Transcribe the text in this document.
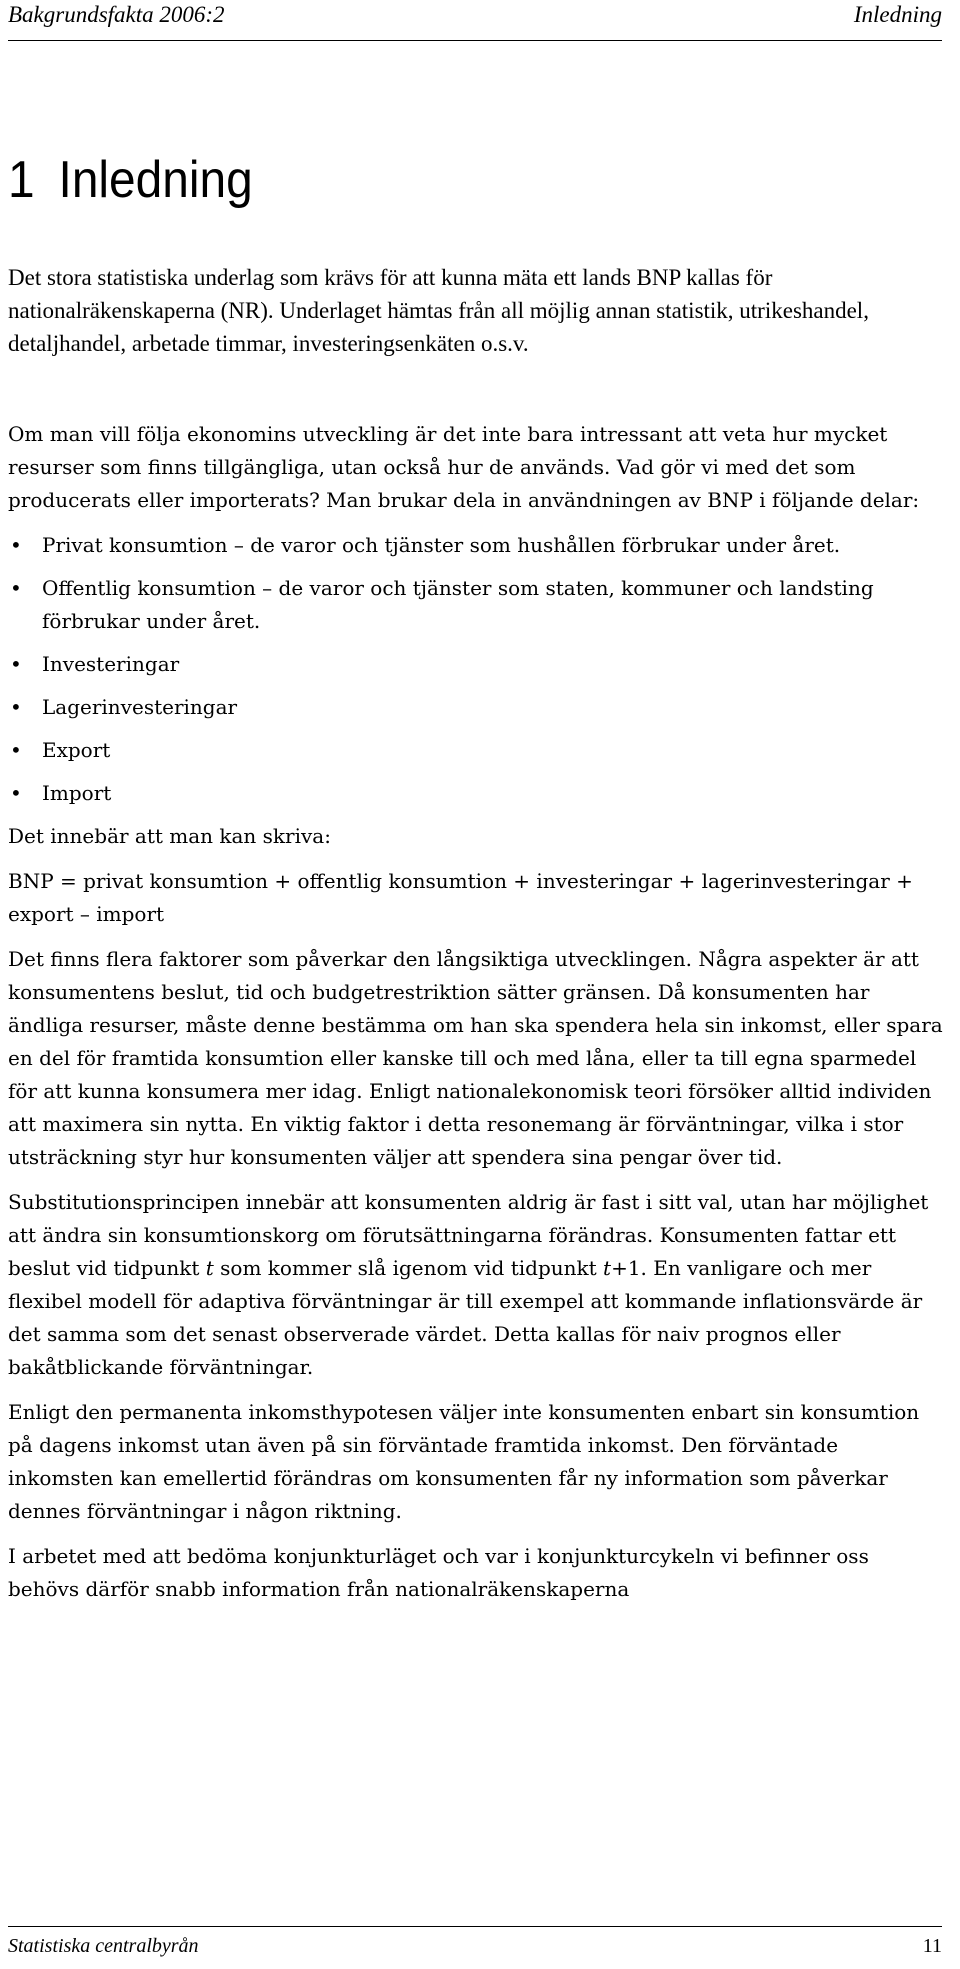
Bakgrundsfakta 2006:2	Inledning
1 Inledning

Det stora statistiska underlag som krävs för att kunna mäta ett lands BNP kallas för nationalräkenskaperna (NR). Underlaget hämtas från all möjlig annan statistik, utrikeshandel, detaljhandel, arbetade timmar, investeringsenkäten o.s.v.

Om man vill följa ekonomins utveckling är det inte bara intressant att veta hur mycket resurser som finns tillgängliga, utan också hur de används. Vad gör vi med det som producerats eller importerats? Man brukar dela in användningen av BNP i följande delar:

• Privat konsumtion – de varor och tjänster som hushållen förbrukar under året.
• Offentlig konsumtion – de varor och tjänster som staten, kommuner och landsting förbrukar under året.
• Investeringar
• Lagerinvesteringar
• Export
• Import

Det innebär att man kan skriva:

BNP = privat konsumtion + offentlig konsumtion + investeringar + lagerinvesteringar + export – import

Det finns flera faktorer som påverkar den långsiktiga utvecklingen. Några aspekter är att konsumentens beslut, tid och budgetrestriktion sätter gränsen. Då konsumenten har ändliga resurser, måste denne bestämma om han ska spendera hela sin inkomst, eller spara en del för framtida konsumtion eller kanske till och med låna, eller ta till egna sparmedel för att kunna konsumera mer idag. Enligt nationalekonomisk teori försöker alltid individen att maximera sin nytta. En viktig faktor i detta resonemang är förväntningar, vilka i stor utsträckning styr hur konsumenten väljer att spendera sina pengar över tid.

Substitutionsprincipen innebär att konsumenten aldrig är fast i sitt val, utan har möjlighet att ändra sin konsumtionskorg om förutsättningarna förändras. Konsumenten fattar ett beslut vid tidpunkt t som kommer slå igenom vid tidpunkt t+1. En vanligare och mer flexibel modell för adaptiva förväntningar är till exempel att kommande inflationsvärde är det samma som det senast observerade värdet. Detta kallas för naiv prognos eller bakåtblickande förväntningar.

Enligt den permanenta inkomsthypotesen väljer inte konsumenten enbart sin konsumtion på dagens inkomst utan även på sin förväntade framtida inkomst. Den förväntade inkomsten kan emellertid förändras om konsumenten får ny information som påverkar dennes förväntningar i någon riktning.

I arbetet med att bedöma konjunkturläget och var i konjunkturcykeln vi befinner oss behövs därför snabb information från nationalräkenskaperna

Statistiska centralbyrån	11
